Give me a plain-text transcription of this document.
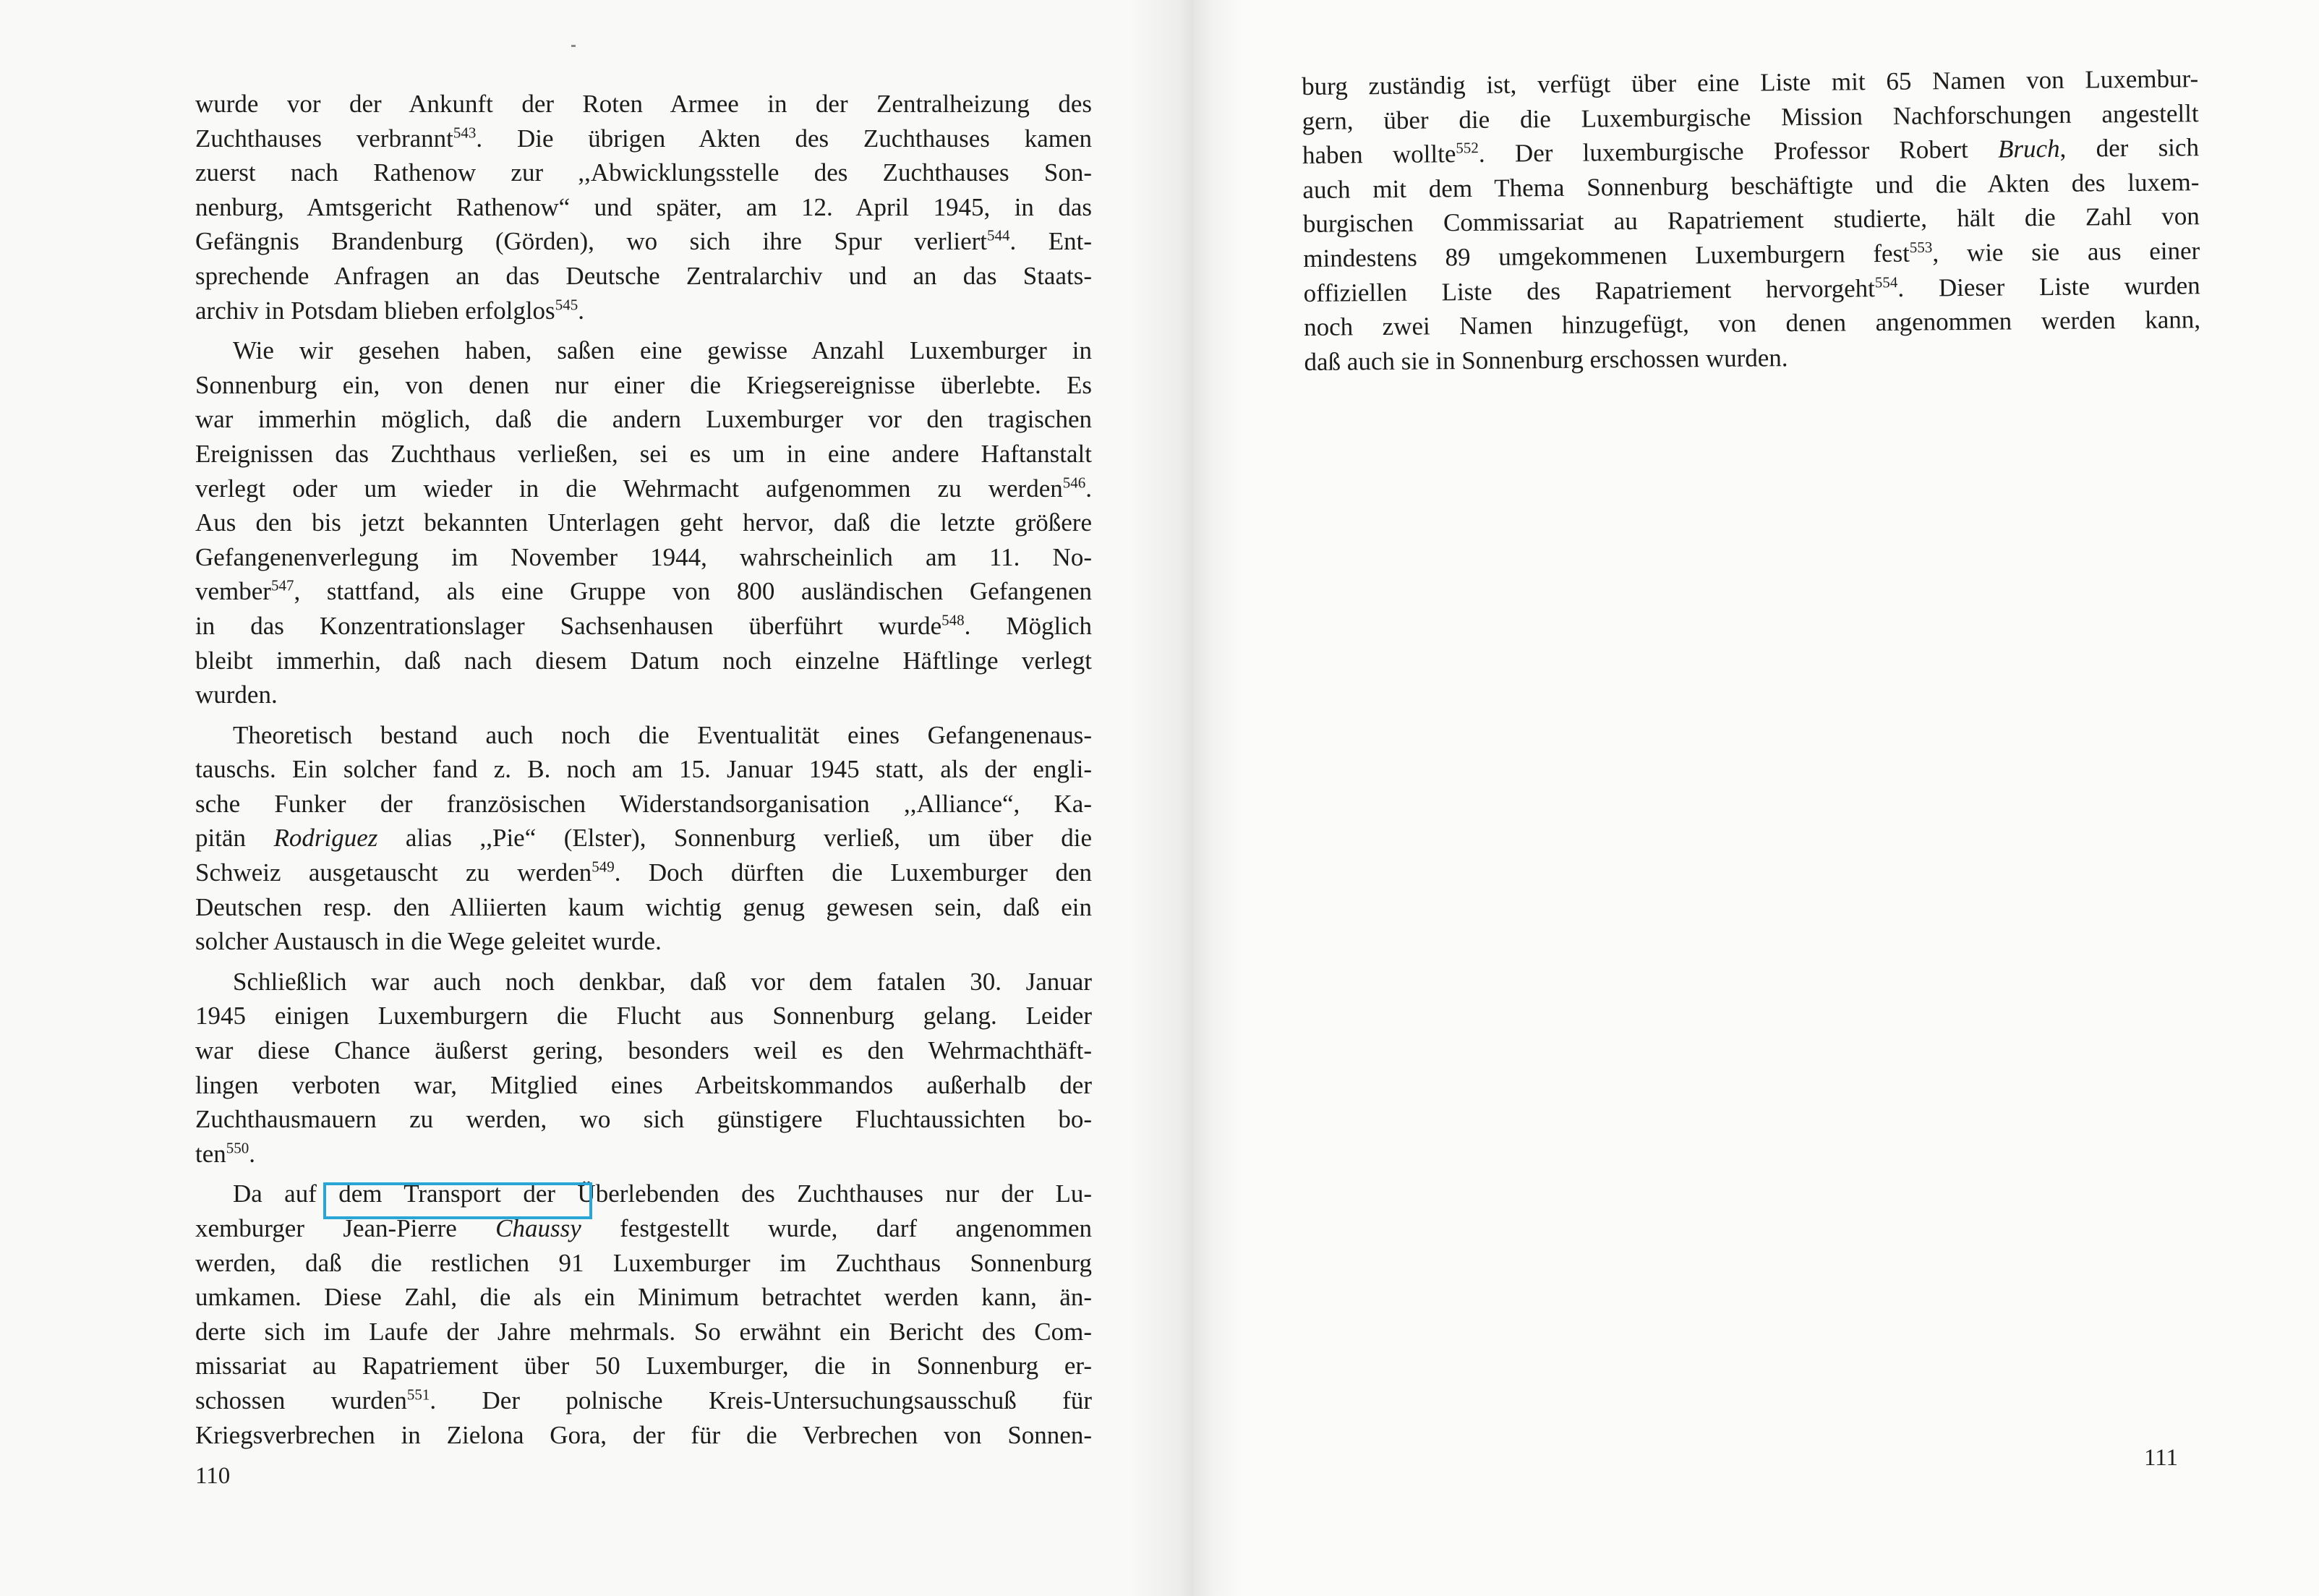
wurde vor der Ankunft der Roten Armee in der Zentralheizung des
Zuchthauses verbrannt$^{543}$. Die übrigen Akten des Zuchthauses kamen
zuerst nach Rathenow zur ,,Abwicklungsstelle des Zuchthauses Son-
nenburg, Amtsgericht Rathenow“ und später, am 12. April 1945, in das
Gefängnis Brandenburg (Görden), wo sich ihre Spur verliert$^{544}$. Ent-
sprechende Anfragen an das Deutsche Zentralarchiv und an das Staats-
archiv in Potsdam blieben erfolglos$^{545}$.
Wie wir gesehen haben, saßen eine gewisse Anzahl Luxemburger in
Sonnenburg ein, von denen nur einer die Kriegsereignisse überlebte. Es
war immerhin möglich, daß die andern Luxemburger vor den tragischen
Ereignissen das Zuchthaus verließen, sei es um in eine andere Haftanstalt
verlegt oder um wieder in die Wehrmacht aufgenommen zu werden$^{546}$.
Aus den bis jetzt bekannten Unterlagen geht hervor, daß die letzte größere
Gefangenenverlegung im November 1944, wahrscheinlich am 11. No-
vember$^{547}$, stattfand, als eine Gruppe von 800 ausländischen Gefangenen
in das Konzentrationslager Sachsenhausen überführt wurde$^{548}$. Möglich
bleibt immerhin, daß nach diesem Datum noch einzelne Häftlinge verlegt
wurden.
Theoretisch bestand auch noch die Eventualität eines Gefangenenaus-
tauschs. Ein solcher fand z. B. noch am 15. Januar 1945 statt, als der engli-
sche Funker der französischen Widerstandsorganisation ,,Alliance“, Ka-
pitän Rodriguez alias ,,Pie“ (Elster), Sonnenburg verließ, um über die
Schweiz ausgetauscht zu werden$^{549}$. Doch dürften die Luxemburger den
Deutschen resp. den Alliierten kaum wichtig genug gewesen sein, daß ein
solcher Austausch in die Wege geleitet wurde.
Schließlich war auch noch denkbar, daß vor dem fatalen 30. Januar
1945 einigen Luxemburgern die Flucht aus Sonnenburg gelang. Leider
war diese Chance äußerst gering, besonders weil es den Wehrmachthäft-
lingen verboten war, Mitglied eines Arbeitskommandos außerhalb der
Zuchthausmauern zu werden, wo sich günstigere Fluchtaussichten bo-
ten$^{550}$.
Da auf dem Transport der Überlebenden des Zuchthauses nur der Lu-
xemburger Jean-Pierre Chaussy festgestellt wurde, darf angenommen
werden, daß die restlichen 91 Luxemburger im Zuchthaus Sonnenburg
umkamen. Diese Zahl, die als ein Minimum betrachtet werden kann, än-
derte sich im Laufe der Jahre mehrmals. So erwähnt ein Bericht des Com-
missariat au Rapatriement über 50 Luxemburger, die in Sonnenburg er-
schossen wurden$^{551}$. Der polnische Kreis-Untersuchungsausschuß für
Kriegsverbrechen in Zielona Gora, der für die Verbrechen von Sonnen-
burg zuständig ist, verfügt über eine Liste mit 65 Namen von Luxembur-
gern, über die die Luxemburgische Mission Nachforschungen angestellt
haben wollte$^{552}$. Der luxemburgische Professor Robert Bruch, der sich
auch mit dem Thema Sonnenburg beschäftigte und die Akten des luxem-
burgischen Commissariat au Rapatriement studierte, hält die Zahl von
mindestens 89 umgekommenen Luxemburgern fest$^{553}$, wie sie aus einer
offiziellen Liste des Rapatriement hervorgeht$^{554}$. Dieser Liste wurden
noch zwei Namen hinzugefügt, von denen angenommen werden kann,
daß auch sie in Sonnenburg erschossen wurden.
110
111
